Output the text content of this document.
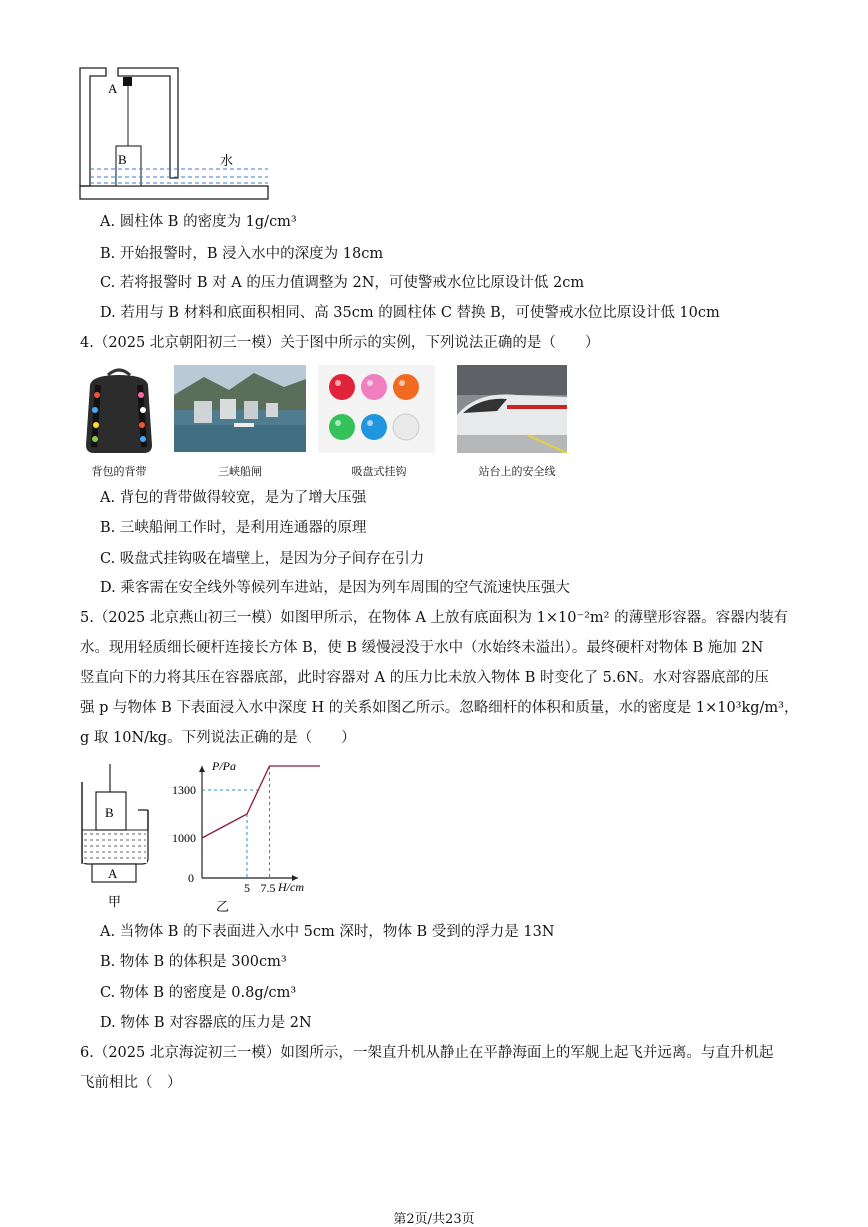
A
B	水
A. 圆柱体 B 的密度为 1g/cm³
B. 开始报警时，B 浸入水中的深度为 18cm
C. 若将报警时 B 对 A 的压力值调整为 2N，可使警戒水位比原设计低 2cm
D. 若用与 B 材料和底面积相同、高 35cm 的圆柱体 C 替换 B，可使警戒水位比原设计低 10cm
4.（2025 北京朝阳初三一模）关于图中所示的实例，下列说法正确的是（　　）
背包的背带	三峡船闸	吸盘式挂钩	站台上的安全线
A. 背包的背带做得较宽，是为了增大压强
B. 三峡船闸工作时，是利用连通器的原理
C. 吸盘式挂钩吸在墙壁上，是因为分子间存在引力
D. 乘客需在安全线外等候列车进站，是因为列车周围的空气流速快压强大
5.（2025 北京燕山初三一模）如图甲所示，在物体 A 上放有底面积为 1×10⁻²m² 的薄壁形容器。容器内装有
水。现用轻质细长硬杆连接长方体 B，使 B 缓慢浸没于水中（水始终未溢出）。最终硬杆对物体 B 施加 2N
竖直向下的力将其压在容器底部，此时容器对 A 的压力比未放入物体 B 时变化了 5.6N。水对容器底部的压
强 p 与物体 B 下表面浸入水中深度 H 的关系如图乙所示。忽略细杆的体积和质量，水的密度是 1×10³kg/m³，
g 取 10N/kg。下列说法正确的是（　　）
B
A
甲
P/Pa
H/cm
乙
0
5 7.5
1000
1300
A. 当物体 B 的下表面进入水中 5cm 深时，物体 B 受到的浮力是 13N
B. 物体 B 的体积是 300cm³
C. 物体 B 的密度是 0.8g/cm³
D. 物体 B 对容器底的压力是 2N
6.（2025 北京海淀初三一模）如图所示，一架直升机从静止在平静海面上的军舰上起飞并远离。与直升机起
飞前相比（　）
第2页/共23页
